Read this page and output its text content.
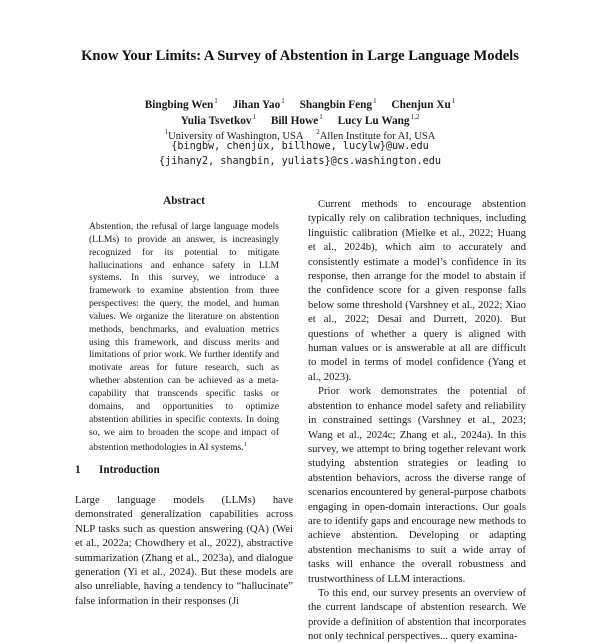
Know Your Limits: A Survey of Abstention in Large Language Models
Bingbing Wen$^1$ Jihan Yao$^1$ Shangbin Feng$^1$ Chenjun Xu$^1$
Yulia Tsvetkov$^1$ Bill Howe$^1$ Lucy Lu Wang$^{1,2}$
$^1$University of Washington, USA $^2$Allen Institute for AI, USA
{bingbw, chenjux, billhowe, lucylw}@uw.edu
{jihany2, shangbin, yuliats}@cs.washington.edu
Abstract
Abstention, the refusal of large language models (LLMs) to provide an answer, is increasingly recognized for its potential to mitigate hallucinations and enhance safety in LLM systems. In this survey, we introduce a framework to examine abstention from three perspectives: the query, the model, and human values. We organize the literature on abstention methods, benchmarks, and evaluation metrics using this framework, and discuss merits and limitations of prior work. We further identify and motivate areas for future research, such as whether abstention can be achieved as a meta-capability that transcends specific tasks or domains, and opportunities to optimize abstention abilities in specific contexts. In doing so, we aim to broaden the scope and impact of abstention methodologies in AI systems.$^1$
1 Introduction
Large language models (LLMs) have demonstrated generalization capabilities across NLP tasks such as question answering (QA) (Wei et al., 2022a; Chowdhery et al., 2022), abstractive summarization (Zhang et al., 2023a), and dialogue generation (Yi et al., 2024). But these models are also unreliable, having a tendency to “hallucinate” false information in their responses (Ji

Current methods to encourage abstention typically rely on calibration techniques, including linguistic calibration (Mielke et al., 2022; Huang et al., 2024b), which aim to accurately and consistently estimate a model’s confidence in its response, then arrange for the model to abstain if the confidence score for a given response falls below some threshold (Varshney et al., 2022; Xiao et al., 2022; Desai and Durrett, 2020). But questions of whether a query is aligned with human values or is answerable at all are difficult to model in terms of model confidence (Yang et al., 2023).

Prior work demonstrates the potential of abstention to enhance model safety and reliability in constrained settings (Varshney et al., 2023; Wang et al., 2024c; Zhang et al., 2024a). In this survey, we attempt to bring together relevant work studying abstention strategies or leading to abstention behaviors, across the diverse range of scenarios encountered by general-purpose chatbots engaging in open-domain interactions. Our goals are to identify gaps and encourage new methods to achieve abstention. Developing or adapting abstention mechanisms to suit a wide array of tasks will enhance the overall robustness and trustworthiness of LLM interactions.

To this end, our survey presents an overview of the current landscape of abstention research. We provide a definition of abstention that incorporates not only technical perspectives... query examina-
